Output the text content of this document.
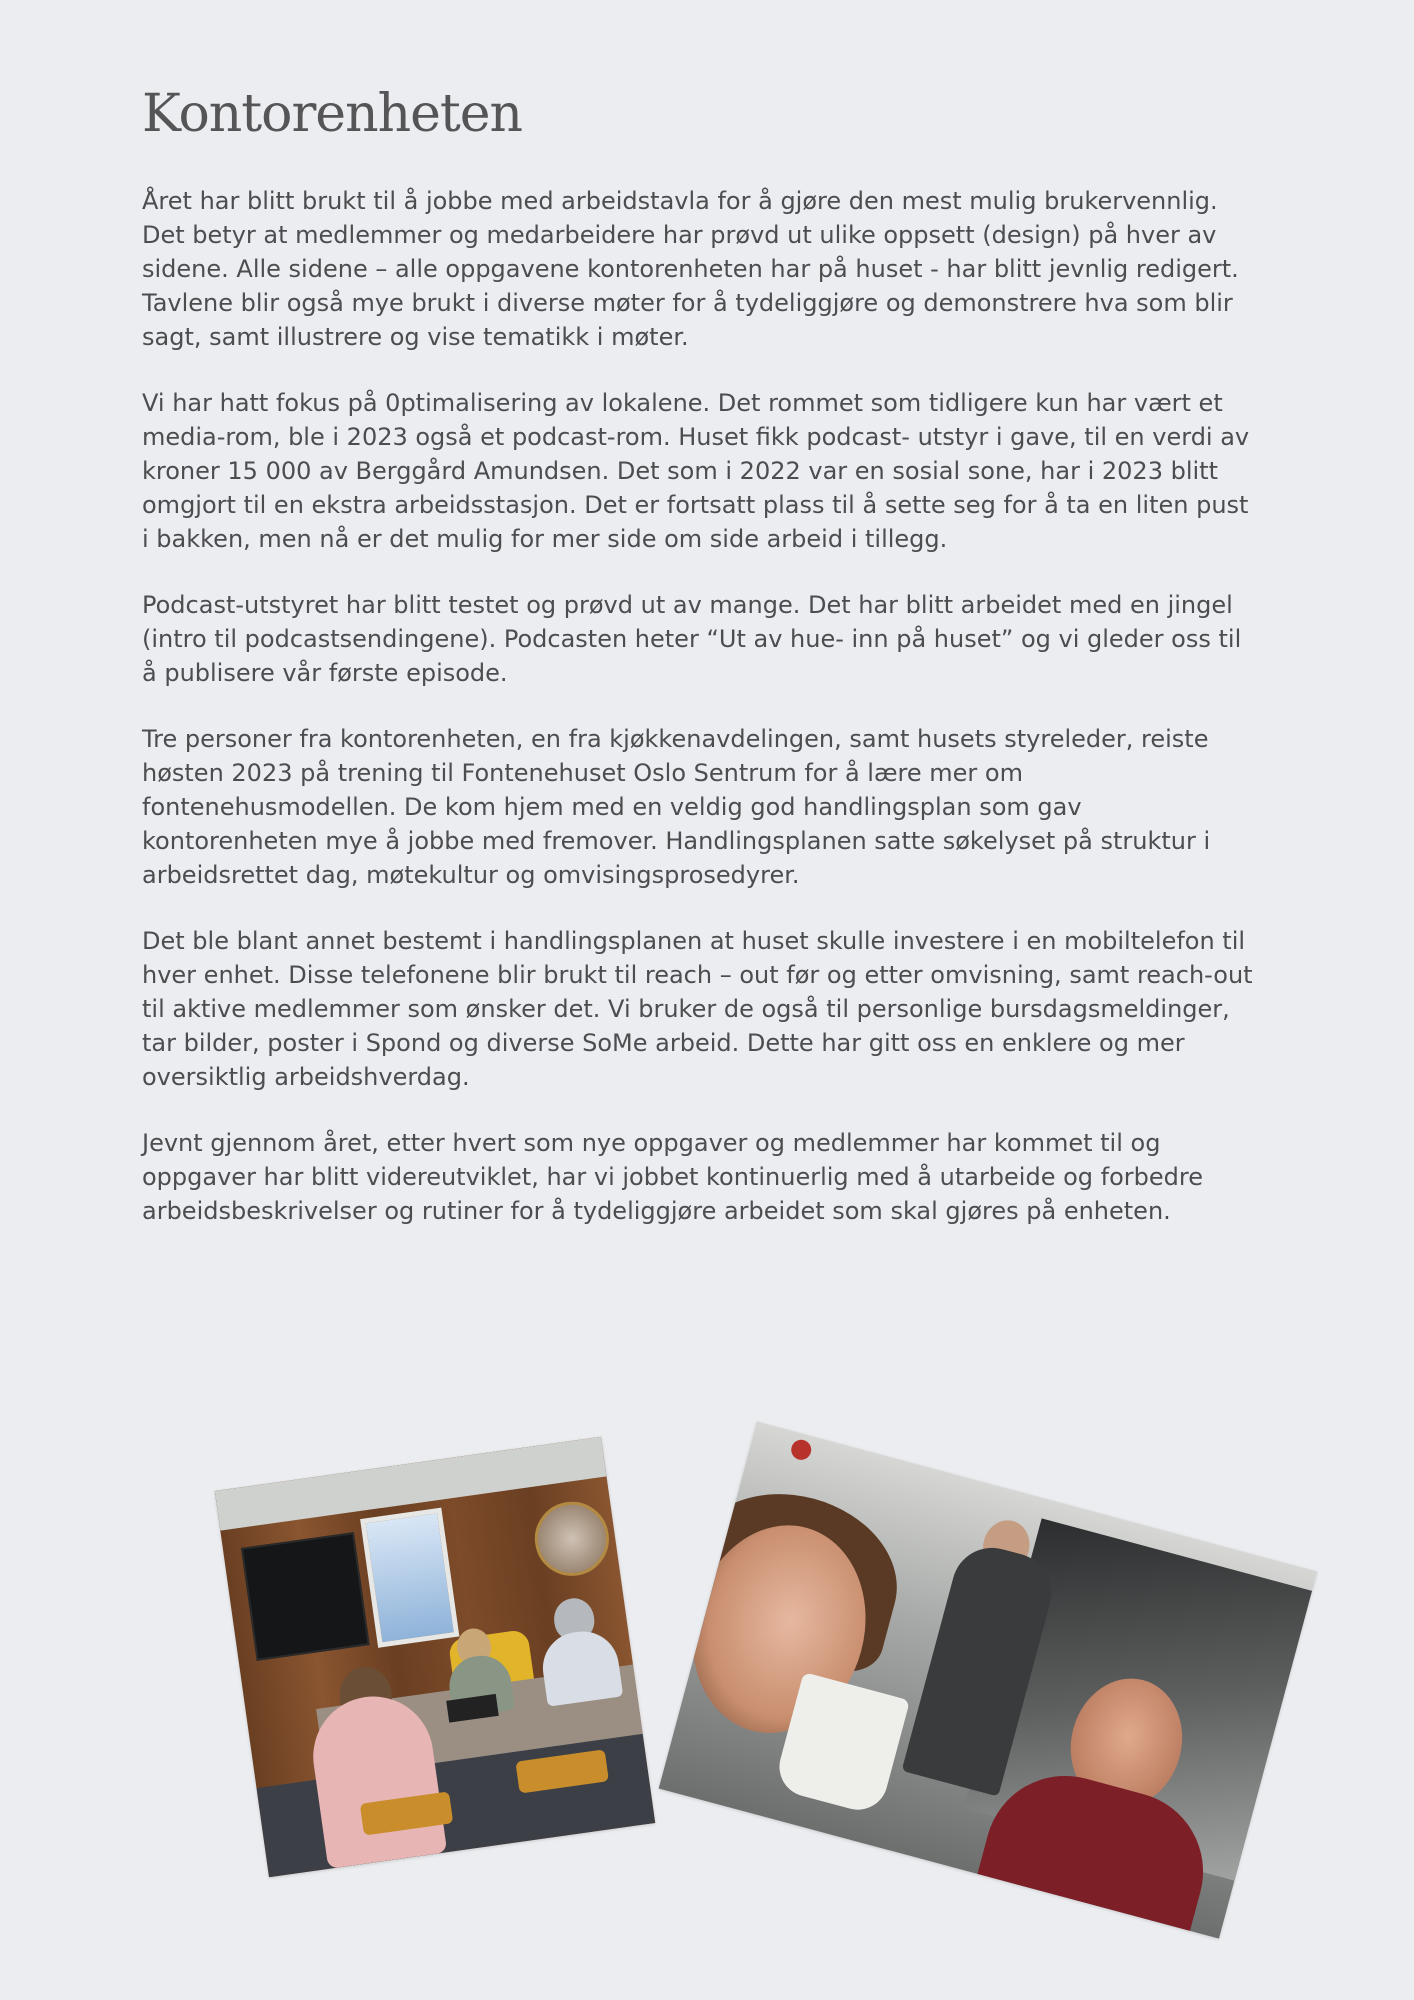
Kontorenheten

Året har blitt brukt til å jobbe med arbeidstavla for å gjøre den mest mulig brukervennlig. Det betyr at medlemmer og medarbeidere har prøvd ut ulike oppsett (design) på hver av sidene. Alle sidene – alle oppgavene kontorenheten har på huset - har blitt jevnlig redigert. Tavlene blir også mye brukt i diverse møter for å tydeliggjøre og demonstrere hva som blir sagt, samt illustrere og vise tematikk i møter.

Vi har hatt fokus på 0ptimalisering av lokalene. Det rommet som tidligere kun har vært et media-rom, ble i 2023 også et podcast-rom. Huset fikk podcast- utstyr i gave, til en verdi av kroner 15 000 av Berggård Amundsen. Det som i 2022 var en sosial sone, har i 2023 blitt omgjort til en ekstra arbeidsstasjon. Det er fortsatt plass til å sette seg for å ta en liten pust i bakken, men nå er det mulig for mer side om side arbeid i tillegg.

Podcast-utstyret har blitt testet og prøvd ut av mange. Det har blitt arbeidet med en jingel (intro til podcastsendingene). Podcasten heter “Ut av hue- inn på huset” og vi gleder oss til å publisere vår første episode.

Tre personer fra kontorenheten, en fra kjøkkenavdelingen, samt husets styreleder, reiste høsten 2023 på trening til Fontenehuset Oslo Sentrum for å lære mer om fontenehusmodellen. De kom hjem med en veldig god handlingsplan som gav kontorenheten mye å jobbe med fremover. Handlingsplanen satte søkelyset på struktur i arbeidsrettet dag, møtekultur og omvisingsprosedyrer.

Det ble blant annet bestemt i handlingsplanen at huset skulle investere i en mobiltelefon til hver enhet. Disse telefonene blir brukt til reach – out før og etter omvisning, samt reach-out til aktive medlemmer som ønsker det. Vi bruker de også til personlige bursdagsmeldinger, tar bilder, poster i Spond og diverse SoMe arbeid. Dette har gitt oss en enklere og mer oversiktlig arbeidshverdag.

Jevnt gjennom året, etter hvert som nye oppgaver og medlemmer har kommet til og oppgaver har blitt videreutviklet, har vi jobbet kontinuerlig med å utarbeide og forbedre arbeidsbeskrivelser og rutiner for å tydeliggjøre arbeidet som skal gjøres på enheten.
